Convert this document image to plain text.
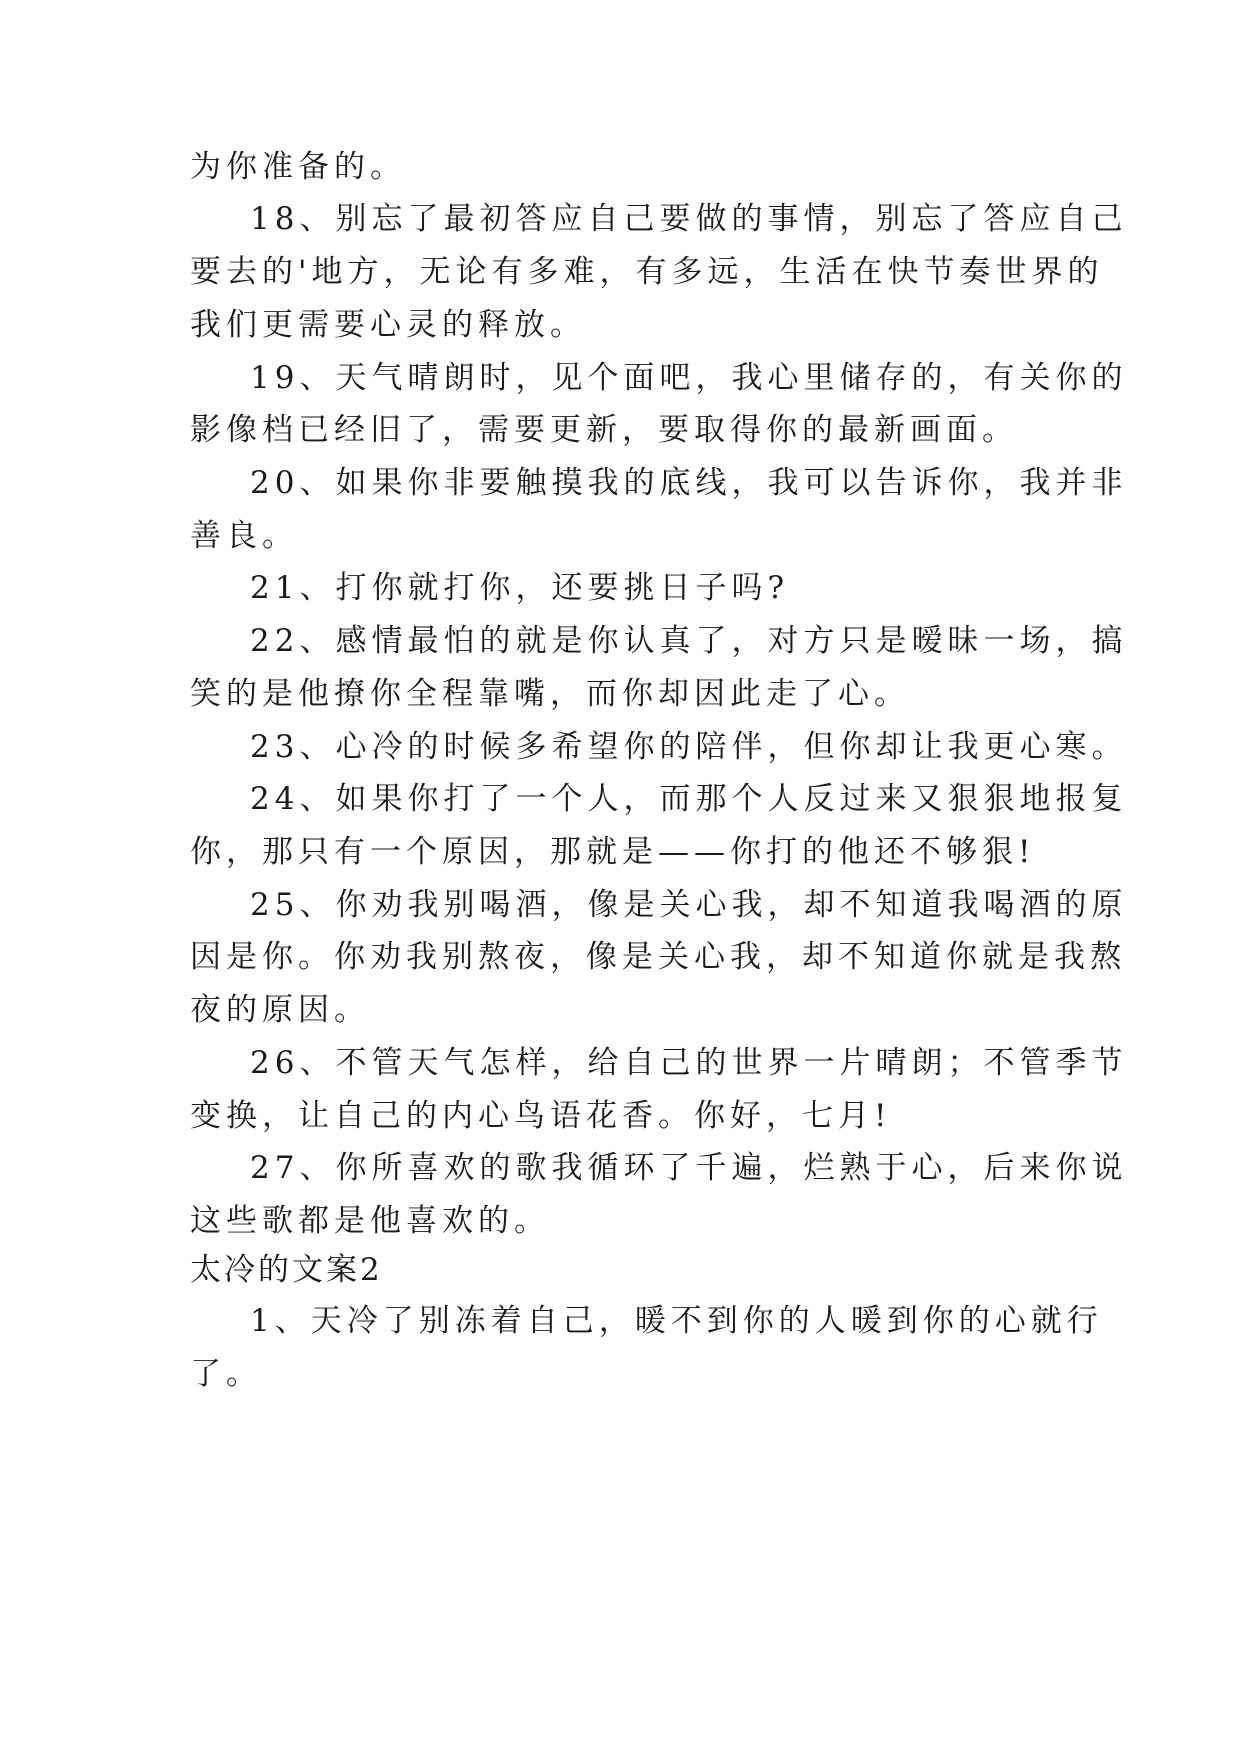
为你准备的。
18、别忘了最初答应自己要做的事情，别忘了答应自己
要去的'地方，无论有多难，有多远，生活在快节奏世界的
我们更需要心灵的释放。
19、天气晴朗时，见个面吧，我心里储存的，有关你的
影像档已经旧了，需要更新，要取得你的最新画面。
20、如果你非要触摸我的底线，我可以告诉你，我并非
善良。
21、打你就打你，还要挑日子吗?
22、感情最怕的就是你认真了，对方只是暧昧一场，搞
笑的是他撩你全程靠嘴，而你却因此走了心。
23、心冷的时候多希望你的陪伴，但你却让我更心寒。
24、如果你打了一个人，而那个人反过来又狠狠地报复
你，那只有一个原因，那就是——你打的他还不够狠!
25、你劝我别喝酒，像是关心我，却不知道我喝酒的原
因是你。你劝我别熬夜，像是关心我，却不知道你就是我熬
夜的原因。
26、不管天气怎样，给自己的世界一片晴朗；不管季节
变换，让自己的内心鸟语花香。你好，七月!
27、你所喜欢的歌我循环了千遍，烂熟于心，后来你说
这些歌都是他喜欢的。
太冷的文案2
1、天冷了别冻着自己，暖不到你的人暖到你的心就行
了。
